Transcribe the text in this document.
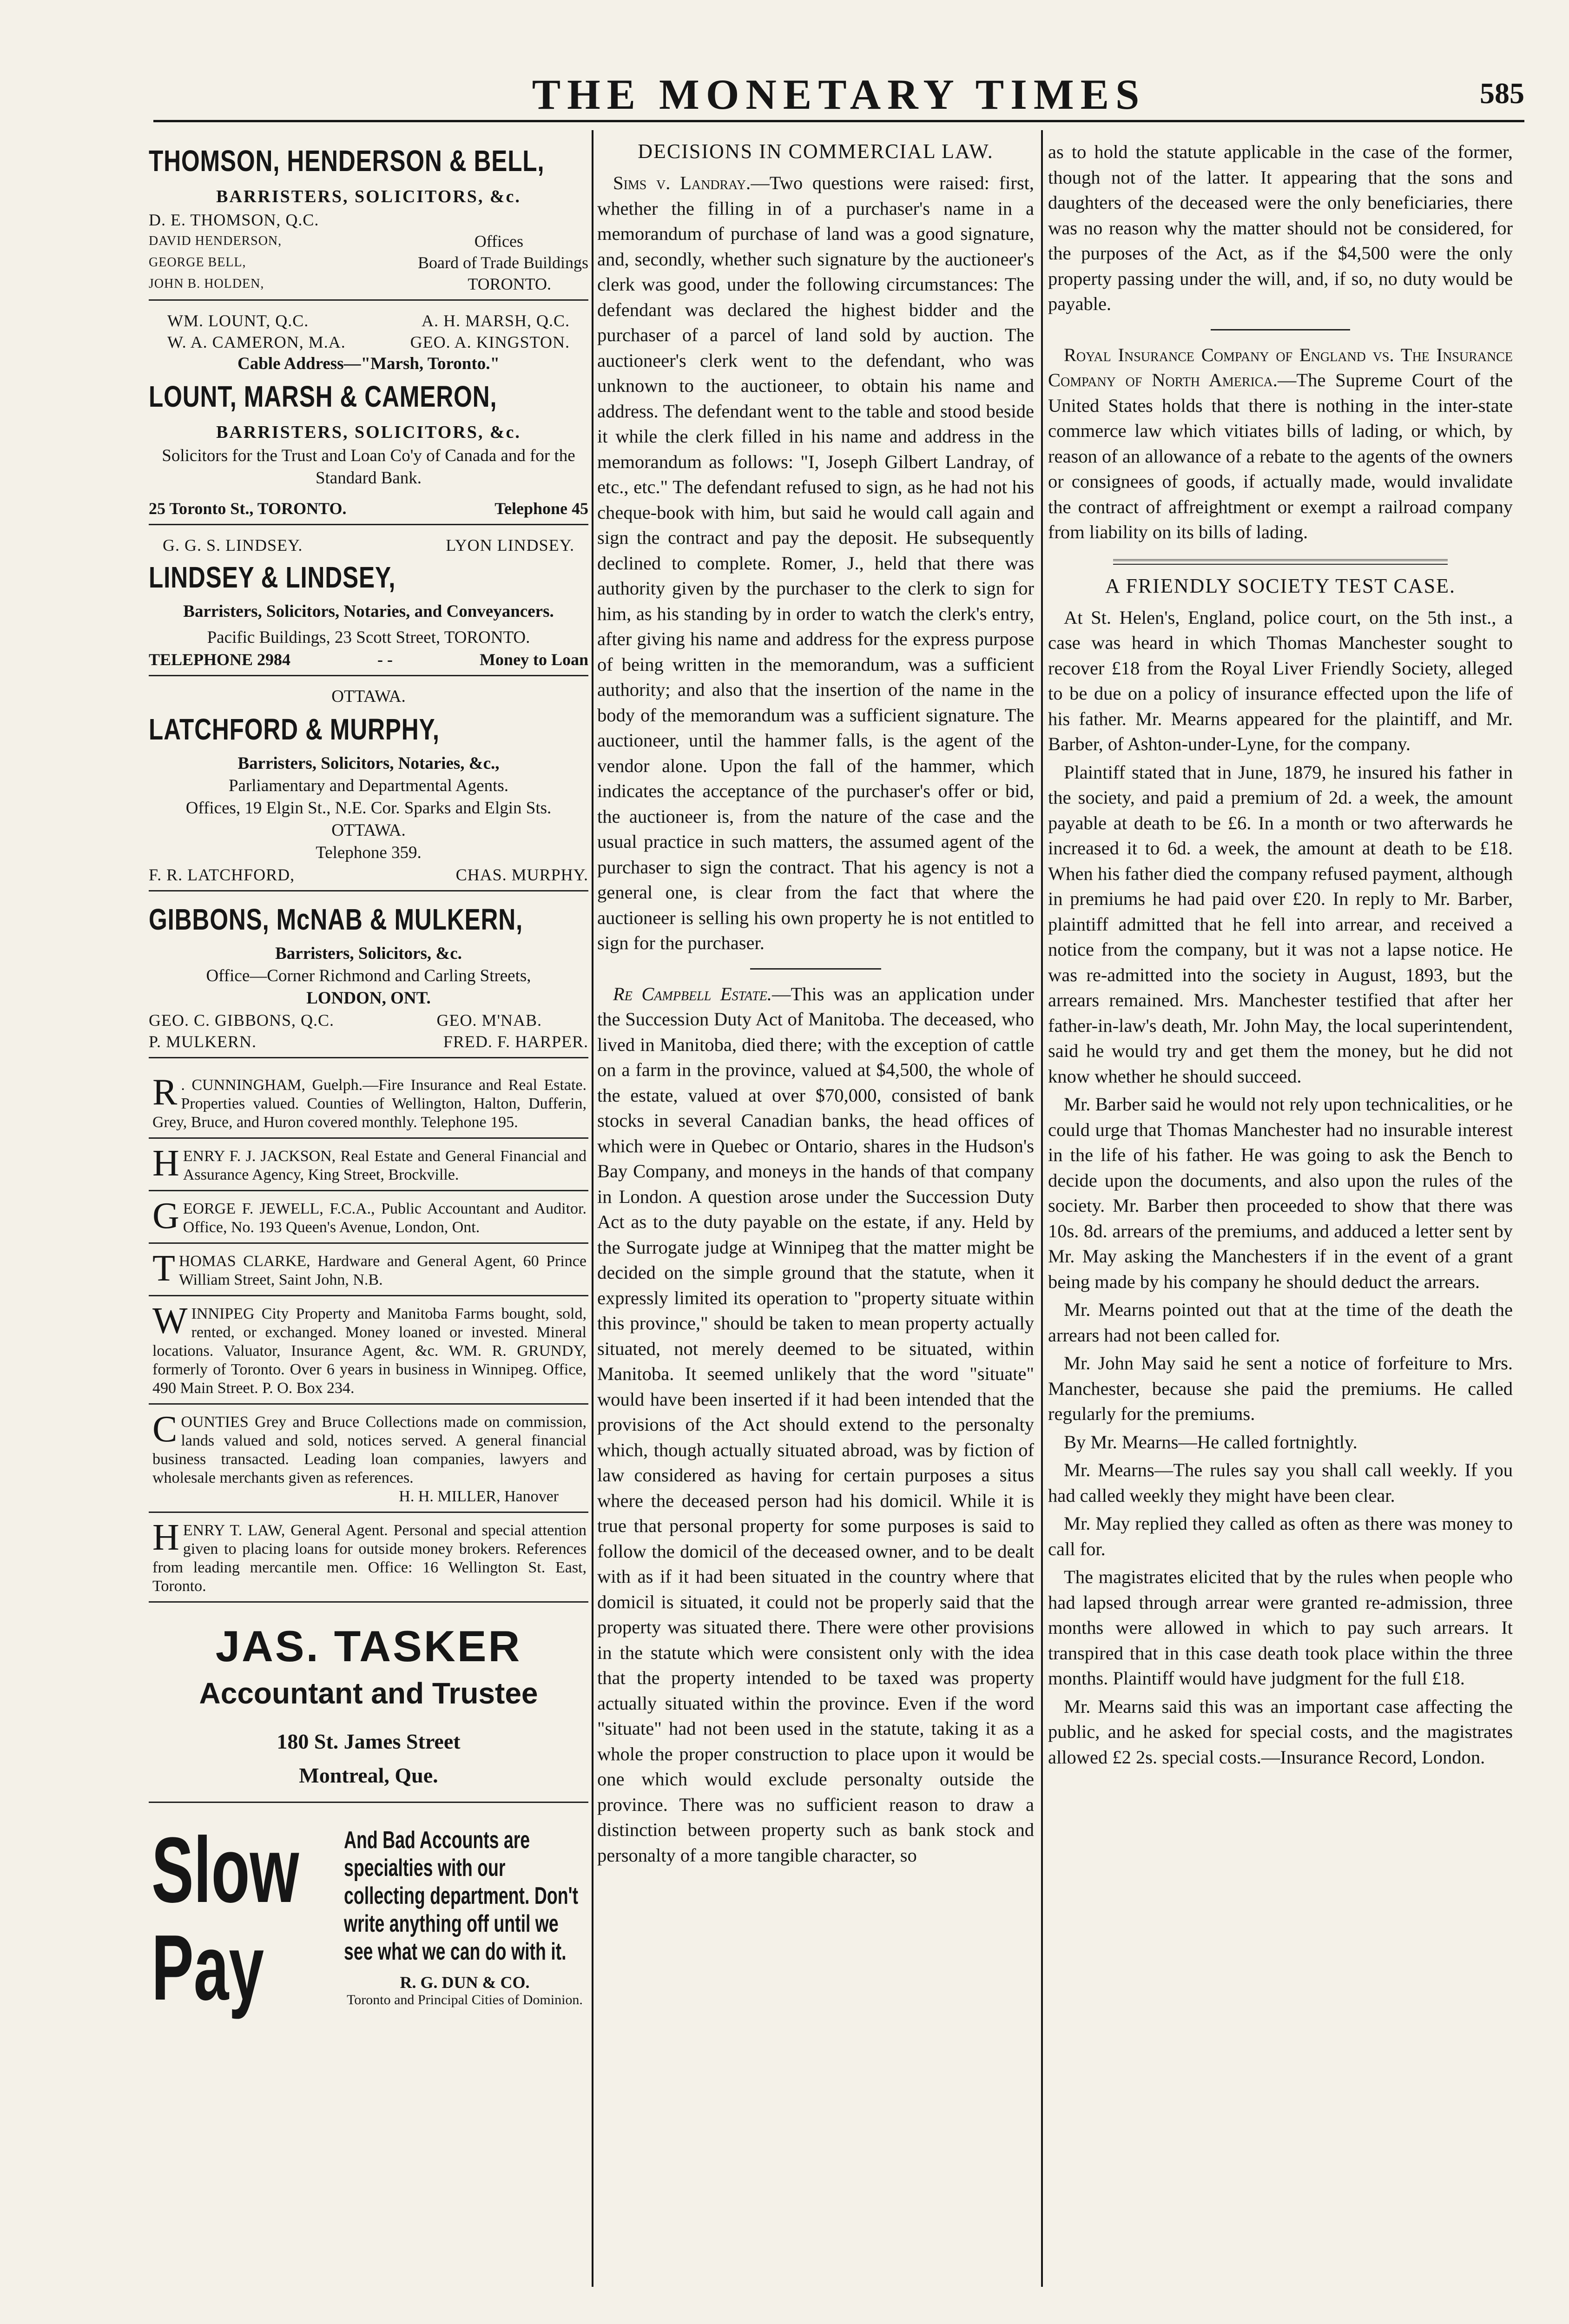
THE MONETARY TIMES	585
THOMSON, HENDERSON & BELL,
BARRISTERS, SOLICITORS, &c.
D. E. THOMSON, Q.C.
DAVID HENDERSON,	Offices
GEORGE BELL,	Board of Trade Buildings
JOHN B. HOLDEN,	TORONTO.
WM. LOUNT, Q.C.	A. H. MARSH, Q.C.
W. A. CAMERON, M.A.	GEO. A. KINGSTON.
Cable Address—"Marsh, Toronto."
LOUNT, MARSH & CAMERON,
BARRISTERS, SOLICITORS, &c.
Solicitors for the Trust and Loan Co'y of Canada and for the Standard Bank.
25 Toronto St., TORONTO.	Telephone 45
G. G. S. LINDSEY.	LYON LINDSEY.
LINDSEY & LINDSEY,
Barristers, Solicitors, Notaries, and Conveyancers.
Pacific Buildings, 23 Scott Street, TORONTO.
TELEPHONE 2984	- -	Money to Loan
OTTAWA.
LATCHFORD & MURPHY,
Barristers, Solicitors, Notaries, &c.,
Parliamentary and Departmental Agents.
Offices, 19 Elgin St., N.E. Cor. Sparks and Elgin Sts.
OTTAWA.
Telephone 359.
F. R. LATCHFORD,	CHAS. MURPHY.
GIBBONS, McNAB & MULKERN,
Barristers, Solicitors, &c.
Office—Corner Richmond and Carling Streets,
LONDON, ONT.
GEO. C. GIBBONS, Q.C.	GEO. M'NAB.
P. MULKERN.	FRED. F. HARPER.
R . CUNNINGHAM, Guelph.—Fire Insurance and Real Estate. Properties valued. Counties of Wellington, Halton, Dufferin, Grey, Bruce, and Huron covered monthly. Telephone 195.
HENRY F. J. JACKSON, Real Estate and General Financial and Assurance Agency, King Street, Brockville.
GEORGE F. JEWELL, F.C.A., Public Accountant and Auditor. Office, No. 193 Queen's Avenue, London, Ont.
THOMAS CLARKE, Hardware and General Agent, 60 Prince William Street, Saint John, N.B.
WINNIPEG City Property and Manitoba Farms bought, sold, rented, or exchanged. Money loaned or invested. Mineral locations. Valuator, Insurance Agent, &c. WM. R. GRUNDY, formerly of Toronto. Over 6 years in business in Winnipeg. Office, 490 Main Street. P. O. Box 234.
COUNTIES Grey and Bruce Collections made on commission, lands valued and sold, notices served. A general financial business transacted. Leading loan companies, lawyers and wholesale merchants given as references.
H. H. MILLER, Hanover
HENRY T. LAW, General Agent. Personal and special attention given to placing loans for outside money brokers. References from leading mercantile men. Office: 16 Wellington St. East, Toronto.
JAS. TASKER
Accountant and Trustee
180 St. James Street
Montreal, Que.
Slow
Pay
And Bad Accounts are specialties with our collecting department. Don't write anything off until we see what we can do with it.
R. G. DUN & CO.
Toronto and Principal Cities of Dominion.
DECISIONS IN COMMERCIAL LAW.

Sims v. Landray.—Two questions were raised: first, whether the filling in of a purchaser's name in a memorandum of purchase of land was a good signature, and, secondly, whether such signature by the auctioneer's clerk was good, under the following circumstances: The defendant was declared the highest bidder and the purchaser of a parcel of land sold by auction. The auctioneer's clerk went to the defendant, who was unknown to the auctioneer, to obtain his name and address. The defendant went to the table and stood beside it while the clerk filled in his name and address in the memorandum as follows: "I, Joseph Gilbert Landray, of etc., etc." The defendant refused to sign, as he had not his cheque-book with him, but said he would call again and sign the contract and pay the deposit. He subsequently declined to complete. Romer, J., held that there was authority given by the purchaser to the clerk to sign for him, as his standing by in order to watch the clerk's entry, after giving his name and address for the express purpose of being written in the memorandum, was a sufficient authority; and also that the insertion of the name in the body of the memorandum was a sufficient signature. The auctioneer, until the hammer falls, is the agent of the vendor alone. Upon the fall of the hammer, which indicates the acceptance of the purchaser's offer or bid, the auctioneer is, from the nature of the case and the usual practice in such matters, the assumed agent of the purchaser to sign the contract. That his agency is not a general one, is clear from the fact that where the auctioneer is selling his own property he is not entitled to sign for the purchaser.

Re Campbell Estate.—This was an application under the Succession Duty Act of Manitoba. The deceased, who lived in Manitoba, died there; with the exception of cattle on a farm in the province, valued at $4,500, the whole of the estate, valued at over $70,000, consisted of bank stocks in several Canadian banks, the head offices of which were in Quebec or Ontario, shares in the Hudson's Bay Company, and moneys in the hands of that company in London. A question arose under the Succession Duty Act as to the duty payable on the estate, if any. Held by the Surrogate judge at Winnipeg that the matter might be decided on the simple ground that the statute, when it expressly limited its operation to "property situate within this province," should be taken to mean property actually situated, not merely deemed to be situated, within Manitoba. It seemed unlikely that the word "situate" would have been inserted if it had been intended that the provisions of the Act should extend to the personalty which, though actually situated abroad, was by fiction of law considered as having for certain purposes a situs where the deceased person had his domicil. While it is true that personal property for some purposes is said to follow the domicil of the deceased owner, and to be dealt with as if it had been situated in the country where that domicil is situated, it could not be properly said that the property was situated there. There were other provisions in the statute which were consistent only with the idea that the property intended to be taxed was property actually situated within the province. Even if the word "situate" had not been used in the statute, taking it as a whole the proper construction to place upon it would be one which would exclude personalty outside the province. There was no sufficient reason to draw a distinction between property such as bank stock and personalty of a more tangible character, so

as to hold the statute applicable in the case of the former, though not of the latter. It appearing that the sons and daughters of the deceased were the only beneficiaries, there was no reason why the matter should not be considered, for the purposes of the Act, as if the $4,500 were the only property passing under the will, and, if so, no duty would be payable.

Royal Insurance Company of England vs. The Insurance Company of North America.—The Supreme Court of the United States holds that there is nothing in the inter-state commerce law which vitiates bills of lading, or which, by reason of an allowance of a rebate to the agents of the owners or consignees of goods, if actually made, would invalidate the contract of affreightment or exempt a railroad company from liability on its bills of lading.

A FRIENDLY SOCIETY TEST CASE.

At St. Helen's, England, police court, on the 5th inst., a case was heard in which Thomas Manchester sought to recover £18 from the Royal Liver Friendly Society, alleged to be due on a policy of insurance effected upon the life of his father. Mr. Mearns appeared for the plaintiff, and Mr. Barber, of Ashton-under-Lyne, for the company.

Plaintiff stated that in June, 1879, he insured his father in the society, and paid a premium of 2d. a week, the amount payable at death to be £6. In a month or two afterwards he increased it to 6d. a week, the amount at death to be £18. When his father died the company refused payment, although in premiums he had paid over £20. In reply to Mr. Barber, plaintiff admitted that he fell into arrear, and received a notice from the company, but it was not a lapse notice. He was re-admitted into the society in August, 1893, but the arrears remained. Mrs. Manchester testified that after her father-in-law's death, Mr. John May, the local superintendent, said he would try and get them the money, but he did not know whether he should succeed.

Mr. Barber said he would not rely upon technicalities, or he could urge that Thomas Manchester had no insurable interest in the life of his father. He was going to ask the Bench to decide upon the documents, and also upon the rules of the society. Mr. Barber then proceeded to show that there was 10s. 8d. arrears of the premiums, and adduced a letter sent by Mr. May asking the Manchesters if in the event of a grant being made by his company he should deduct the arrears.

Mr. Mearns pointed out that at the time of the death the arrears had not been called for.

Mr. John May said he sent a notice of forfeiture to Mrs. Manchester, because she paid the premiums. He called regularly for the premiums.

By Mr. Mearns—He called fortnightly.

Mr. Mearns—The rules say you shall call weekly. If you had called weekly they might have been clear.

Mr. May replied they called as often as there was money to call for.

The magistrates elicited that by the rules when people who had lapsed through arrear were granted re-admission, three months were allowed in which to pay such arrears. It transpired that in this case death took place within the three months. Plaintiff would have judgment for the full £18.

Mr. Mearns said this was an important case affecting the public, and he asked for special costs, and the magistrates allowed £2 2s. special costs.—Insurance Record, London.
